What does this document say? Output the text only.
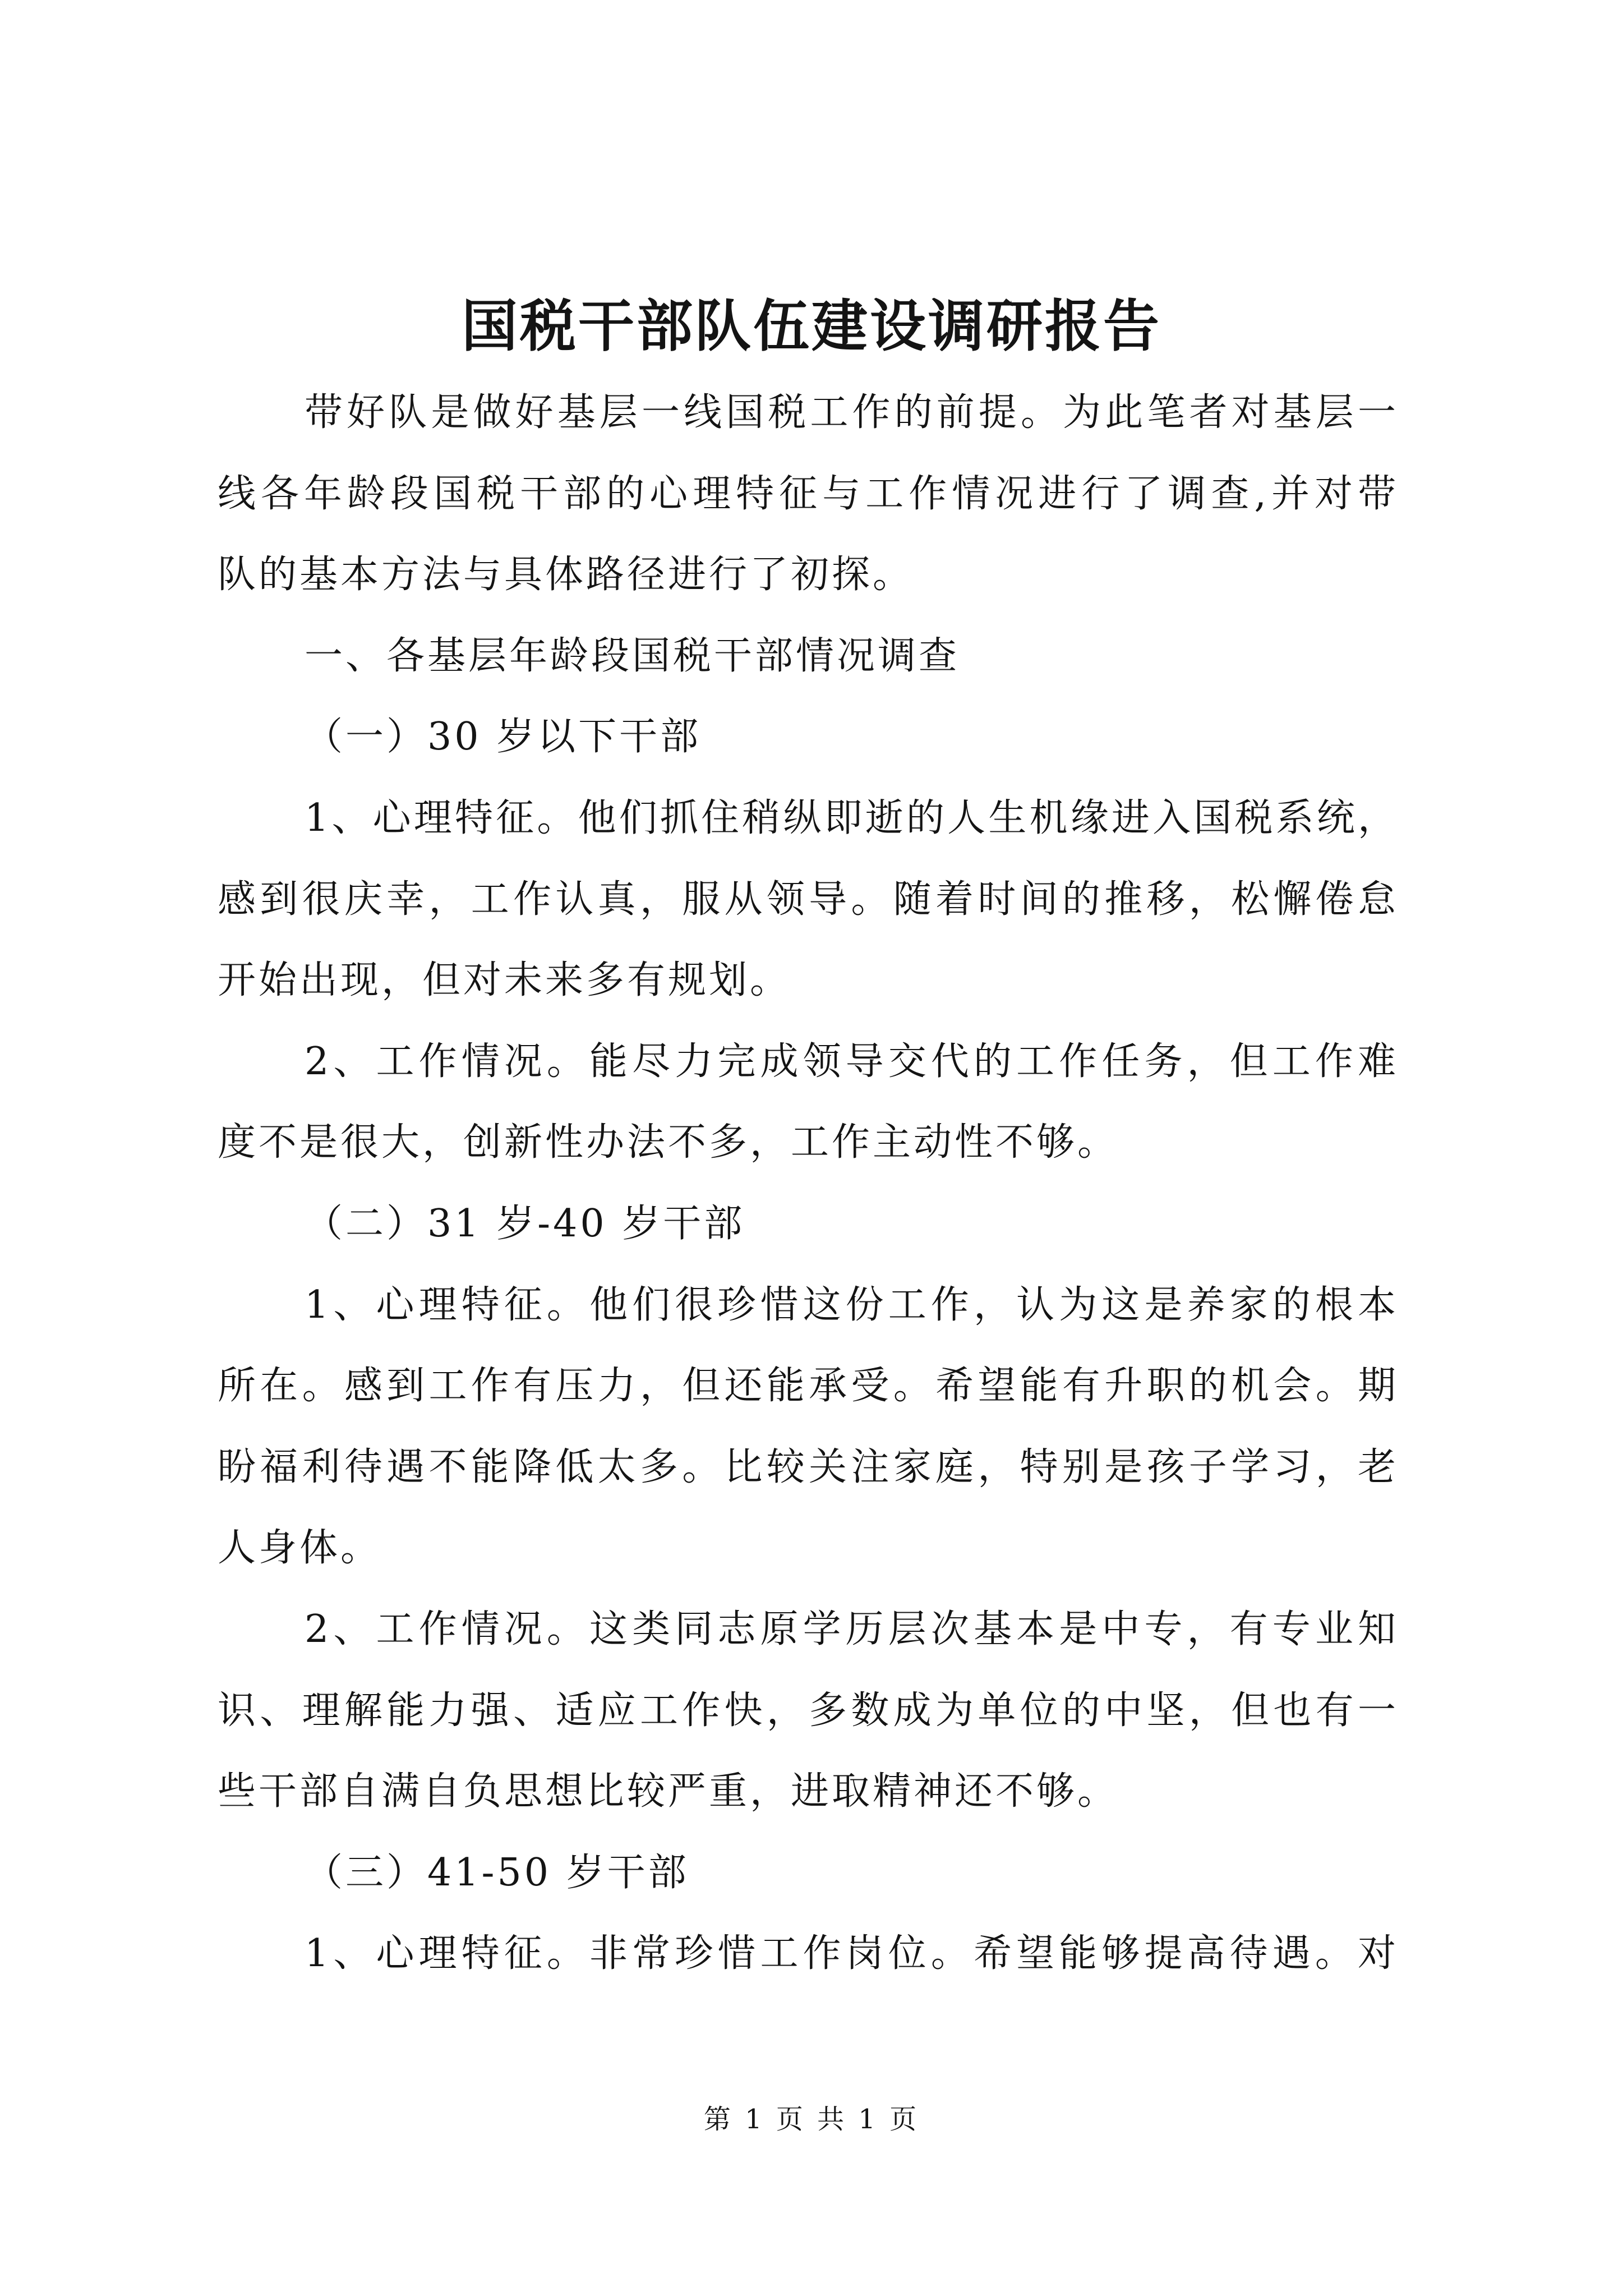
国税干部队伍建设调研报告
带好队是做好基层一线国税工作的前提。为此笔者对基层一
线各年龄段国税干部的心理特征与工作情况进行了调查,并对带
队的基本方法与具体路径进行了初探。
一、各基层年龄段国税干部情况调查
（一）30 岁以下干部
1、心理特征。他们抓住稍纵即逝的人生机缘进入国税系统，
感到很庆幸，工作认真，服从领导。随着时间的推移，松懈倦怠
开始出现，但对未来多有规划。
2、工作情况。能尽力完成领导交代的工作任务，但工作难
度不是很大，创新性办法不多，工作主动性不够。
（二）31 岁-40 岁干部
1、心理特征。他们很珍惜这份工作，认为这是养家的根本
所在。感到工作有压力，但还能承受。希望能有升职的机会。期
盼福利待遇不能降低太多。比较关注家庭，特别是孩子学习，老
人身体。
2、工作情况。这类同志原学历层次基本是中专，有专业知
识、理解能力强、适应工作快，多数成为单位的中坚，但也有一
些干部自满自负思想比较严重，进取精神还不够。
（三）41-50 岁干部
1、心理特征。非常珍惜工作岗位。希望能够提高待遇。对
第 1 页 共 1 页
